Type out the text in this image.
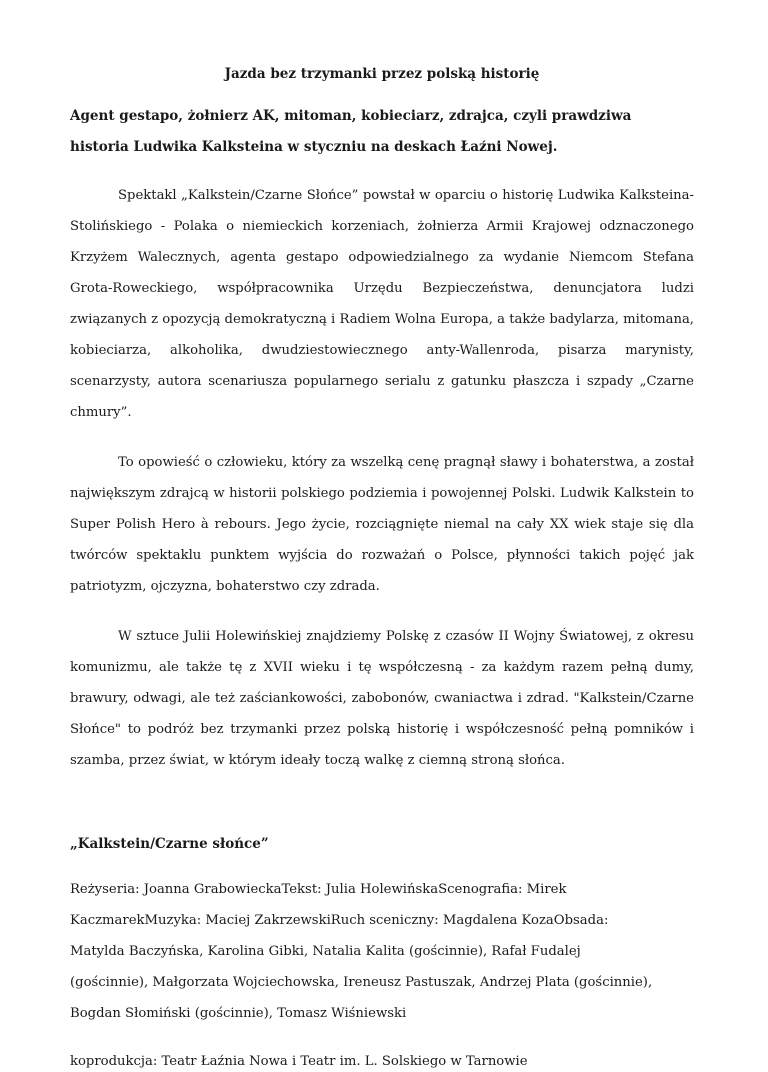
Jazda bez trzymanki przez polską historię

Agent gestapo, żołnierz AK, mitoman, kobieciarz, zdrajca, czyli prawdziwa historia Ludwika Kalksteina w styczniu na deskach Łaźni Nowej.

Spektakl „Kalkstein/Czarne Słońce” powstał w oparciu o historię Ludwika Kalksteina-Stolińskiego - Polaka o niemieckich korzeniach, żołnierza Armii Krajowej odznaczonego Krzyżem Walecznych, agenta gestapo odpowiedzialnego za wydanie Niemcom Stefana Grota-Roweckiego, współpracownika Urzędu Bezpieczeństwa, denuncjatora ludzi związanych z opozycją demokratyczną i Radiem Wolna Europa, a także badylarza, mitomana, kobieciarza, alkoholika, dwudziestowiecznego anty-Wallenroda, pisarza marynisty, scenarzysty, autora scenariusza popularnego serialu z gatunku płaszcza i szpady „Czarne chmury”.

To opowieść o człowieku, który za wszelką cenę pragnął sławy i bohaterstwa, a został największym zdrajcą w historii polskiego podziemia i powojennej Polski. Ludwik Kalkstein to Super Polish Hero à rebours. Jego życie, rozciągnięte niemal na cały XX wiek staje się dla twórców spektaklu punktem wyjścia do rozważań o Polsce, płynności takich pojęć jak patriotyzm, ojczyzna, bohaterstwo czy zdrada.

W sztuce Julii Holewińskiej znajdziemy Polskę z czasów II Wojny Światowej, z okresu komunizmu, ale także tę z XVII wieku i tę współczesną - za każdym razem pełną dumy, brawury, odwagi, ale też zaściankowości, zabobonów, cwaniactwa i zdrad. "Kalkstein/Czarne Słońce" to podróż bez trzymanki przez polską historię i współczesność pełną pomników i szamba, przez świat, w którym ideały toczą walkę z ciemną stroną słońca.

„Kalkstein/Czarne słońce”

Reżyseria: Joanna GrabowieckaTekst: Julia HolewińskaScenografia: Mirek KaczmarekMuzyka: Maciej ZakrzewskiRuch sceniczny: Magdalena KozaObsada: Matylda Baczyńska, Karolina Gibki, Natalia Kalita (gościnnie), Rafał Fudalej (gościnnie), Małgorzata Wojciechowska, Ireneusz Pastuszak, Andrzej Plata (gościnnie), Bogdan Słomiński (gościnnie), Tomasz Wiśniewski

koprodukcja: Teatr Łaźnia Nowa i Teatr im. L. Solskiego w Tarnowie
